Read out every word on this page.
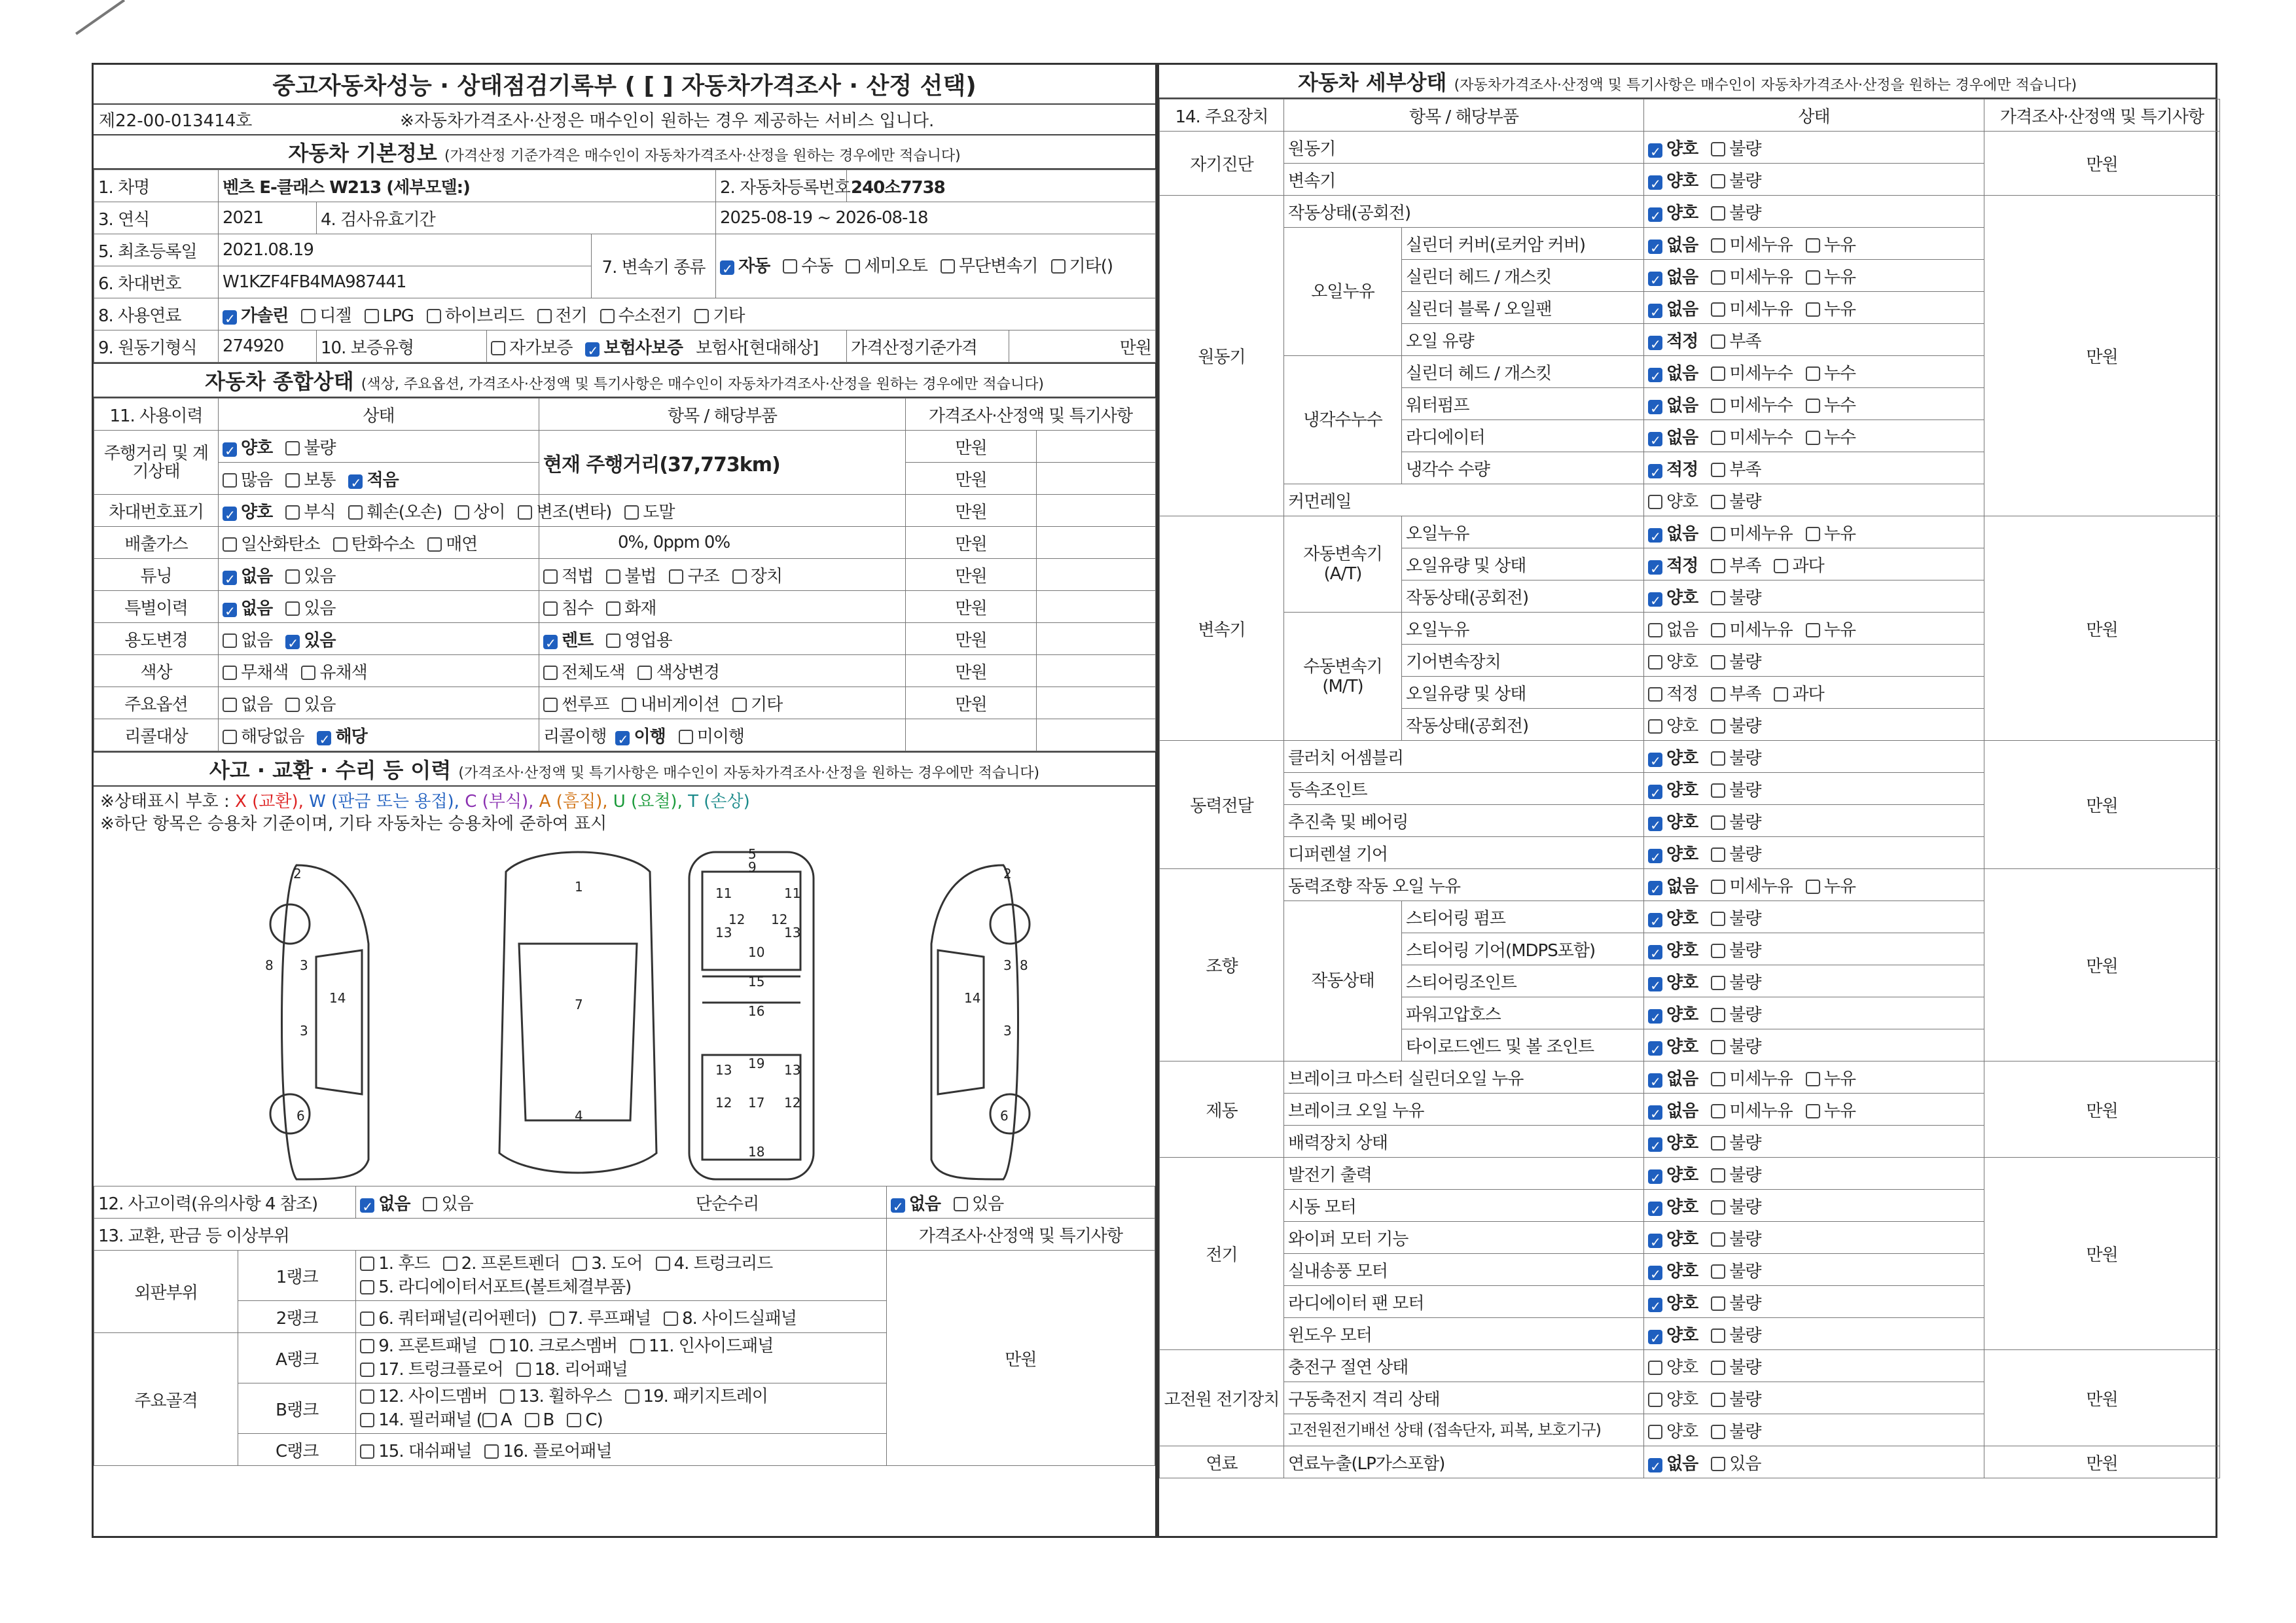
중고자동차성능 · 상태점검기록부 ( [ ] 자동차가격조사 · 산정 선택)
제22-00-013414호	※자동차가격조사·산정은 매수인이 원하는 경우 제공하는 서비스 입니다.
자동차 기본정보 (가격산정 기준가격은 매수인이 자동차가격조사·산정을 원하는 경우에만 적습니다)
1. 차명	벤츠 E-클래스 W213 (세부모델:)				2. 자동차등록번호	240소7738	
3. 연식	2021	4. 검사유효기간			2025-08-19 ~ 2026-08-18		
5. 최초등록일	2021.08.19			7. 변속기 종류	✓ 자동 수동 세미오토 무단변속기 기타()		
6. 차대번호	W1KZF4FB4MA987441						
8. 사용연료	✓ 가솔린 디젤 LPG 하이브리드 전기 수소전기 기타						
9. 원동기형식	274920	10. 보증유형	자가보증 ✓ 보험사보증 보험사[현대해상]			가격산정기준가격	만원
자동차 종합상태 (색상, 주요옵션, 가격조사·산정액 및 특기사항은 매수인이 자동차가격조사·산정을 원하는 경우에만 적습니다)
11. 사용이력	상태	항목 / 해당부품	가격조사·산정액 및 특기사항	
주행거리 및 계기상태	✓ 양호 불량	현재 주행거리(37,773km)	만원	
	많음 보통 ✓ 적음		만원	
차대번호표기	✓ 양호 부식 훼손(오손) 상이 변조(변타) 도말		만원	
배출가스	일산화탄소 탄화수소 매연	0%, 0ppm 0%	만원	
튜닝	✓ 없음 있음	적법 불법 구조 장치	만원	
특별이력	✓ 없음 있음	침수 화재	만원	
용도변경	없음 ✓ 있음	✓ 렌트 영업용	만원	
색상	무채색 유채색	전체도색 색상변경	만원	
주요옵션	없음 있음	썬루프 내비게이션 기타	만원	
리콜대상	해당없음 ✓ 해당	리콜이행 ✓ 이행 미이행		
사고 · 교환 · 수리 등 이력 (가격조사·산정액 및 특기사항은 매수인이 자동차가격조사·산정을 원하는 경우에만 적습니다)
※상태표시 부호 : X (교환), W (판금 또는 용접), C (부식), A (흠집), U (요철), T (손상)
※하단 항목은 승용차 기준이며, 기타 자동차는 승용차에 준하여 표시
2
8 3
14
3
6
1
7
4
5
9
11	11
13
12 12
13
10
15
16
19
13	13
12 17 12
18
2
3 8
14
3
6
12. 사고이력(유의사항 4 참조)		✓ 없음 있음 단순수리	✓ 없음 있음
13. 교환, 판금 등 이상부위			가격조사·산정액 및 특기사항
외판부위	1랭크	1. 후드 2. 프론트펜더 3. 도어 4. 트렁크리드
5. 라디에이터서포트(볼트체결부품)	만원
	2랭크	6. 쿼터패널(리어펜더) 7. 루프패널 8. 사이드실패널	
주요골격	A랭크	9. 프론트패널 10. 크로스멤버 11. 인사이드패널
17. 트렁크플로어 18. 리어패널	

	B랭크	12. 사이드멤버 13. 휠하우스 19. 패키지트레이
14. 필러패널 ( A B C)	

	C랭크	15. 대쉬패널 16. 플로어패널	
자동차 세부상태 (자동차가격조사·산정액 및 특기사항은 매수인이 자동차가격조사·산정을 원하는 경우에만 적습니다)
14. 주요장치	항목 / 해당부품		상태	가격조사·산정액 및 특기사항
자기진단	원동기		✓ 양호 불량	만원
	변속기		✓ 양호 불량	
원동기	작동상태(공회전)		✓ 양호 불량	만원
	오일누유	실린더 커버(로커암 커버)	✓ 없음 미세누유 누유	
		실린더 헤드 / 개스킷	✓ 없음 미세누유 누유	
		실린더 블록 / 오일팬	✓ 없음 미세누유 누유	
		오일 유량	✓ 적정 부족	
	냉각수누수	실린더 헤드 / 개스킷	✓ 없음 미세누수 누수	
		워터펌프	✓ 없음 미세누수 누수	
		라디에이터	✓ 없음 미세누수 누수	
		냉각수 수량	✓ 적정 부족	
	커먼레일		양호 불량	
변속기	자동변속기 (A/T)	오일누유	✓ 없음 미세누유 누유	만원
		오일유량 및 상태	✓ 적정 부족 과다	
		작동상태(공회전)	✓ 양호 불량	
	수동변속기 (M/T)	오일누유	없음 미세누유 누유	
		기어변속장치	양호 불량	
		오일유량 및 상태	적정 부족 과다	
		작동상태(공회전)	양호 불량	
동력전달	클러치 어셈블리		✓ 양호 불량	만원
	등속조인트		✓ 양호 불량	
	추진축 및 베어링		✓ 양호 불량	
	디퍼렌셜 기어		✓ 양호 불량	
조향	동력조향 작동 오일 누유		✓ 없음 미세누유 누유	만원
	작동상태	스티어링 펌프	✓ 양호 불량	
		스티어링 기어(MDPS포함)	✓ 양호 불량	
		스티어링조인트	✓ 양호 불량	
		파워고압호스	✓ 양호 불량	
		타이로드엔드 및 볼 조인트	✓ 양호 불량	
제동	브레이크 마스터 실린더오일 누유		✓ 없음 미세누유 누유	만원
	브레이크 오일 누유		✓ 없음 미세누유 누유	
	배력장치 상태		✓ 양호 불량	
전기	발전기 출력		✓ 양호 불량	만원
	시동 모터		✓ 양호 불량	
	와이퍼 모터 기능		✓ 양호 불량	
	실내송풍 모터		✓ 양호 불량	
	라디에이터 팬 모터		✓ 양호 불량	
	윈도우 모터		✓ 양호 불량	
고전원 전기장치	충전구 절연 상태		양호 불량	만원
	구동축전지 격리 상태		양호 불량	
	고전원전기배선 상태 (접속단자, 피복, 보호기구)		양호 불량	
연료	연료누출(LP가스포함)		✓ 없음 있음	만원
